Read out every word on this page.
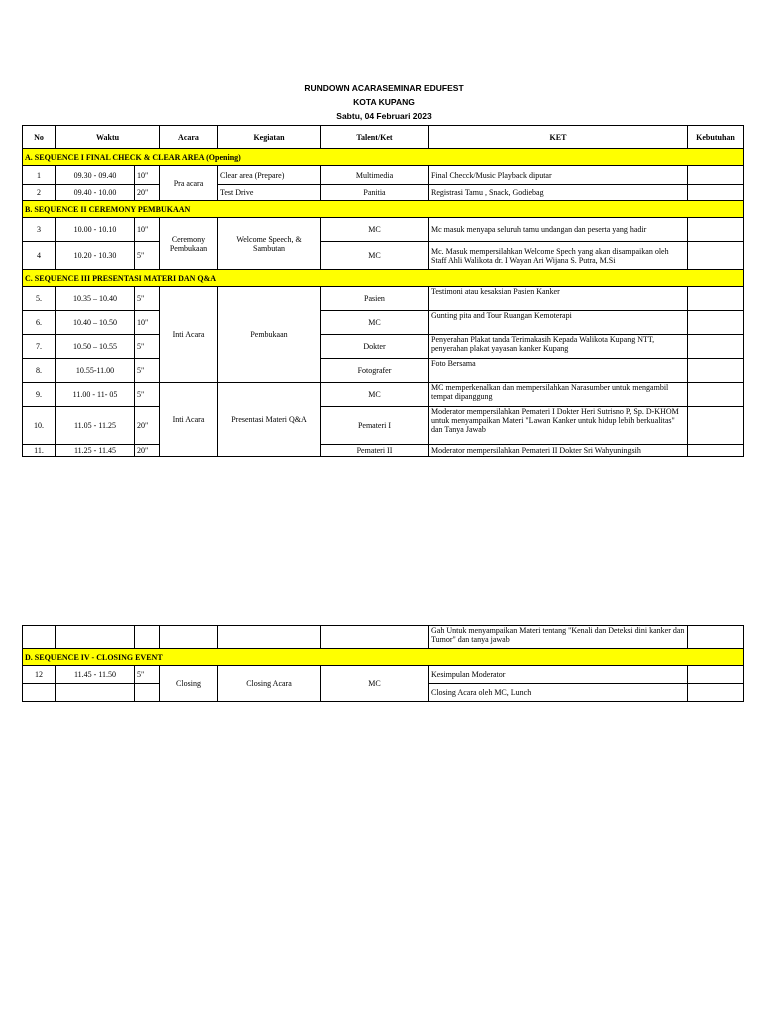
RUNDOWN ACARASEMINAR EDUFEST
KOTA KUPANG
Sabtu, 04 Februari 2023
No	Waktu		Acara	Kegiatan	Talent/Ket	KET	Kebutuhan
A. SEQUENCE I FINAL CHECK & CLEAR AREA (Opening)							
1	09.30 - 09.40	10"	Pra acara	Clear area (Prepare)	Multimedia	Final Checck/Music Playback diputar	
2	09.40 - 10.00	20"		Test Drive	Panitia	Registrasi Tamu , Snack, Godiebag	
B. SEQUENCE II CEREMONY PEMBUKAAN							
3	10.00 - 10.10	10"	Ceremony Pembukaan	Welcome Speech, & Sambutan	MC	Mc masuk menyapa seluruh tamu undangan dan peserta yang hadir	
4	10.20 - 10.30	5"			MC	Mc. Masuk mempersilahkan Welcome Spech yang akan disampaikan oleh Staff Ahli Walikota dr. I Wayan Ari Wijana S. Putra, M.Si	
C. SEQUENCE III PRESENTASI MATERI DAN Q&A							
5.	10.35 – 10.40	5"	Inti Acara	Pembukaan	Pasien	Testimoni atau kesaksian Pasien Kanker	
6.	10.40 – 10.50	10"			MC	Gunting pita and Tour Ruangan Kemoterapi	
7.	10.50 – 10.55	5"			Dokter	Penyerahan Plakat tanda Terimakasih Kepada Walikota Kupang NTT, penyerahan plakat yayasan kanker Kupang	
8.	10.55-11.00	5"			Fotografer	Foto Bersama	
9.	11.00 - 11- 05	5"	Inti Acara	Presentasi Materi Q&A	MC	MC memperkenalkan dan mempersilahkan Narasumber untuk mengambil tempat dipanggung	
10.	11.05 - 11.25	20"			Pemateri I	Moderator mempersilahkan Pemateri I Dokter Heri Sutrisno P, Sp. D-KHOM untuk menyampaikan Materi "Lawan Kanker untuk hidup lebih berkualitas" dan Tanya Jawab	
11.	11.25 - 11.45	20"			Pemateri II	Moderator mempersilahkan Pemateri II Dokter Sri Wahyuningsih	
						Gah Untuk menyampaikan Materi tentang "Kenali dan Deteksi dini kanker dan Tumor" dan tanya jawab	
D. SEQUENCE IV - CLOSING EVENT							
12	11.45 - 11.50	5"	Closing	Closing Acara	MC	Kesimpulan Moderator	
						Closing Acara oleh MC, Lunch	
